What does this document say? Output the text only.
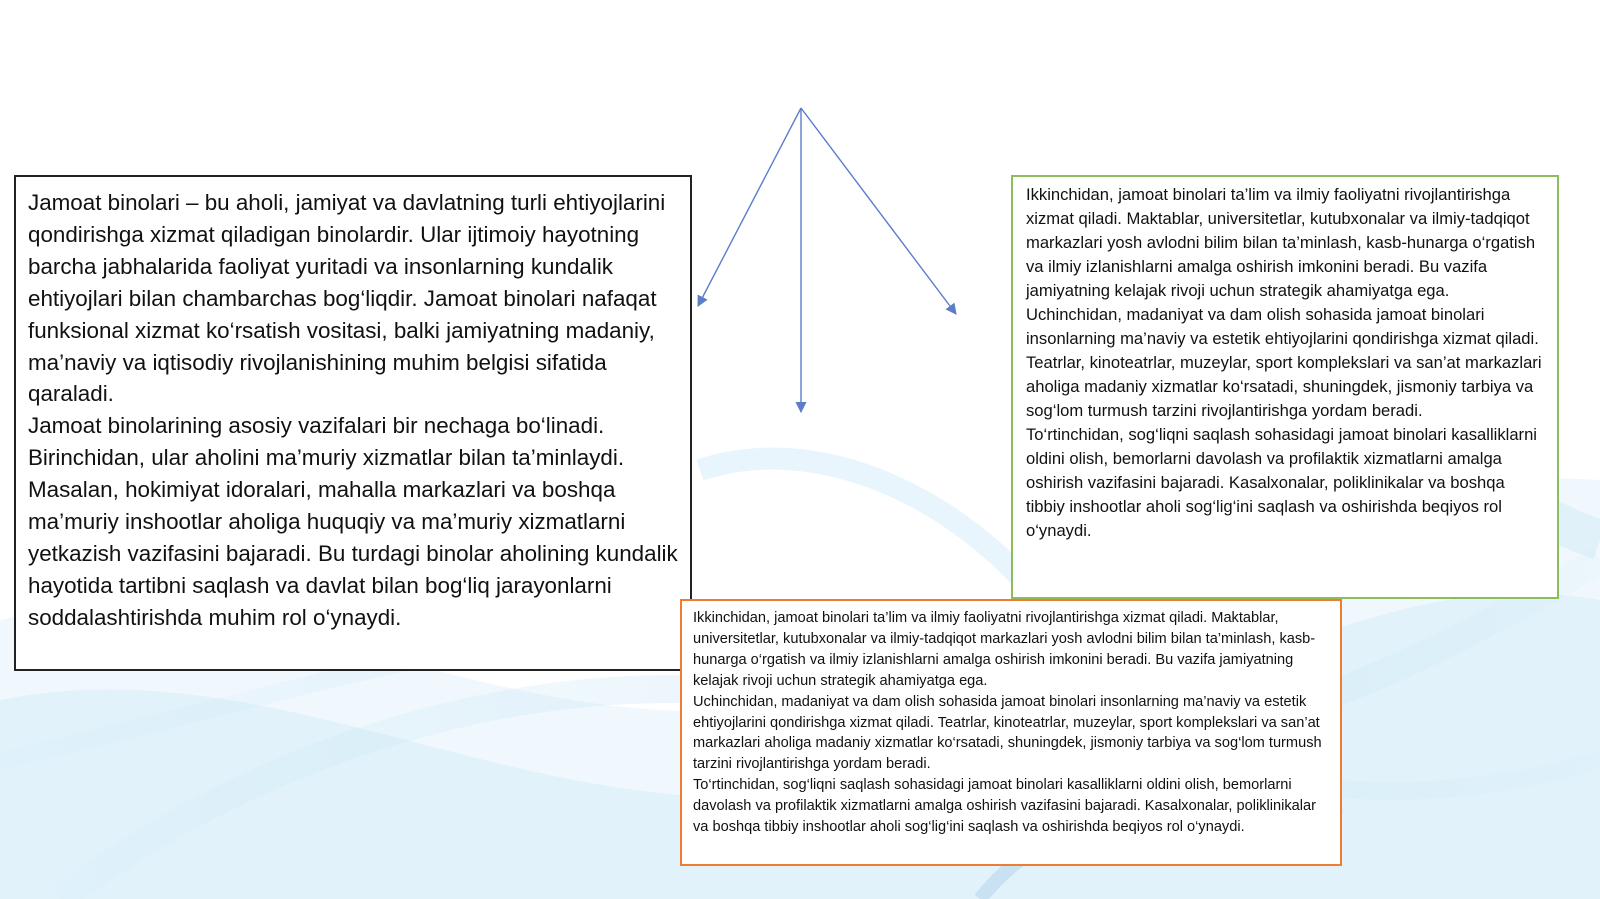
Jamoat binolari – bu aholi, jamiyat va davlatning turli ehtiyojlarini qondirishga xizmat qiladigan binolardir. Ular ijtimoiy hayotning barcha jabhalarida faoliyat yuritadi va insonlarning kundalik ehtiyojlari bilan chambarchas bog‘liqdir. Jamoat binolari nafaqat funksional xizmat ko‘rsatish vositasi, balki jamiyatning madaniy, ma’naviy va iqtisodiy rivojlanishining muhim belgisi sifatida qaraladi.

Jamoat binolarining asosiy vazifalari bir nechaga bo‘linadi. Birinchidan, ular aholini ma’muriy xizmatlar bilan ta’minlaydi. Masalan, hokimiyat idoralari, mahalla markazlari va boshqa ma’muriy inshootlar aholiga huquqiy va ma’muriy xizmatlarni yetkazish vazifasini bajaradi. Bu turdagi binolar aholining kundalik hayotida tartibni saqlash va davlat bilan bog‘liq jarayonlarni soddalashtirishda muhim rol o‘ynaydi.

Ikkinchidan, jamoat binolari ta’lim va ilmiy faoliyatni rivojlantirishga xizmat qiladi. Maktablar, universitetlar, kutubxonalar va ilmiy-tadqiqot markazlari yosh avlodni bilim bilan ta’minlash, kasb-hunarga o‘rgatish va ilmiy izlanishlarni amalga oshirish imkonini beradi. Bu vazifa jamiyatning kelajak rivoji uchun strategik ahamiyatga ega.

Uchinchidan, madaniyat va dam olish sohasida jamoat binolari insonlarning ma’naviy va estetik ehtiyojlarini qondirishga xizmat qiladi. Teatrlar, kinoteatrlar, muzeylar, sport komplekslari va san’at markazlari aholiga madaniy xizmatlar ko‘rsatadi, shuningdek, jismoniy tarbiya va sog‘lom turmush tarzini rivojlantirishga yordam beradi.

To‘rtinchidan, sog‘liqni saqlash sohasidagi jamoat binolari kasalliklarni oldini olish, bemorlarni davolash va profilaktik xizmatlarni amalga oshirish vazifasini bajaradi. Kasalxonalar, poliklinikalar va boshqa tibbiy inshootlar aholi sog‘lig‘ini saqlash va oshirishda beqiyos rol o‘ynaydi.

Ikkinchidan, jamoat binolari ta’lim va ilmiy faoliyatni rivojlantirishga xizmat qiladi. Maktablar, universitetlar, kutubxonalar va ilmiy-tadqiqot markazlari yosh avlodni bilim bilan ta’minlash, kasb-hunarga o‘rgatish va ilmiy izlanishlarni amalga oshirish imkonini beradi. Bu vazifa jamiyatning kelajak rivoji uchun strategik ahamiyatga ega.

Uchinchidan, madaniyat va dam olish sohasida jamoat binolari insonlarning ma’naviy va estetik ehtiyojlarini qondirishga xizmat qiladi. Teatrlar, kinoteatrlar, muzeylar, sport komplekslari va san’at markazlari aholiga madaniy xizmatlar ko‘rsatadi, shuningdek, jismoniy tarbiya va sog‘lom turmush tarzini rivojlantirishga yordam beradi.

To‘rtinchidan, sog‘liqni saqlash sohasidagi jamoat binolari kasalliklarni oldini olish, bemorlarni davolash va profilaktik xizmatlarni amalga oshirish vazifasini bajaradi. Kasalxonalar, poliklinikalar va boshqa tibbiy inshootlar aholi sog‘lig‘ini saqlash va oshirishda beqiyos rol o‘ynaydi.
